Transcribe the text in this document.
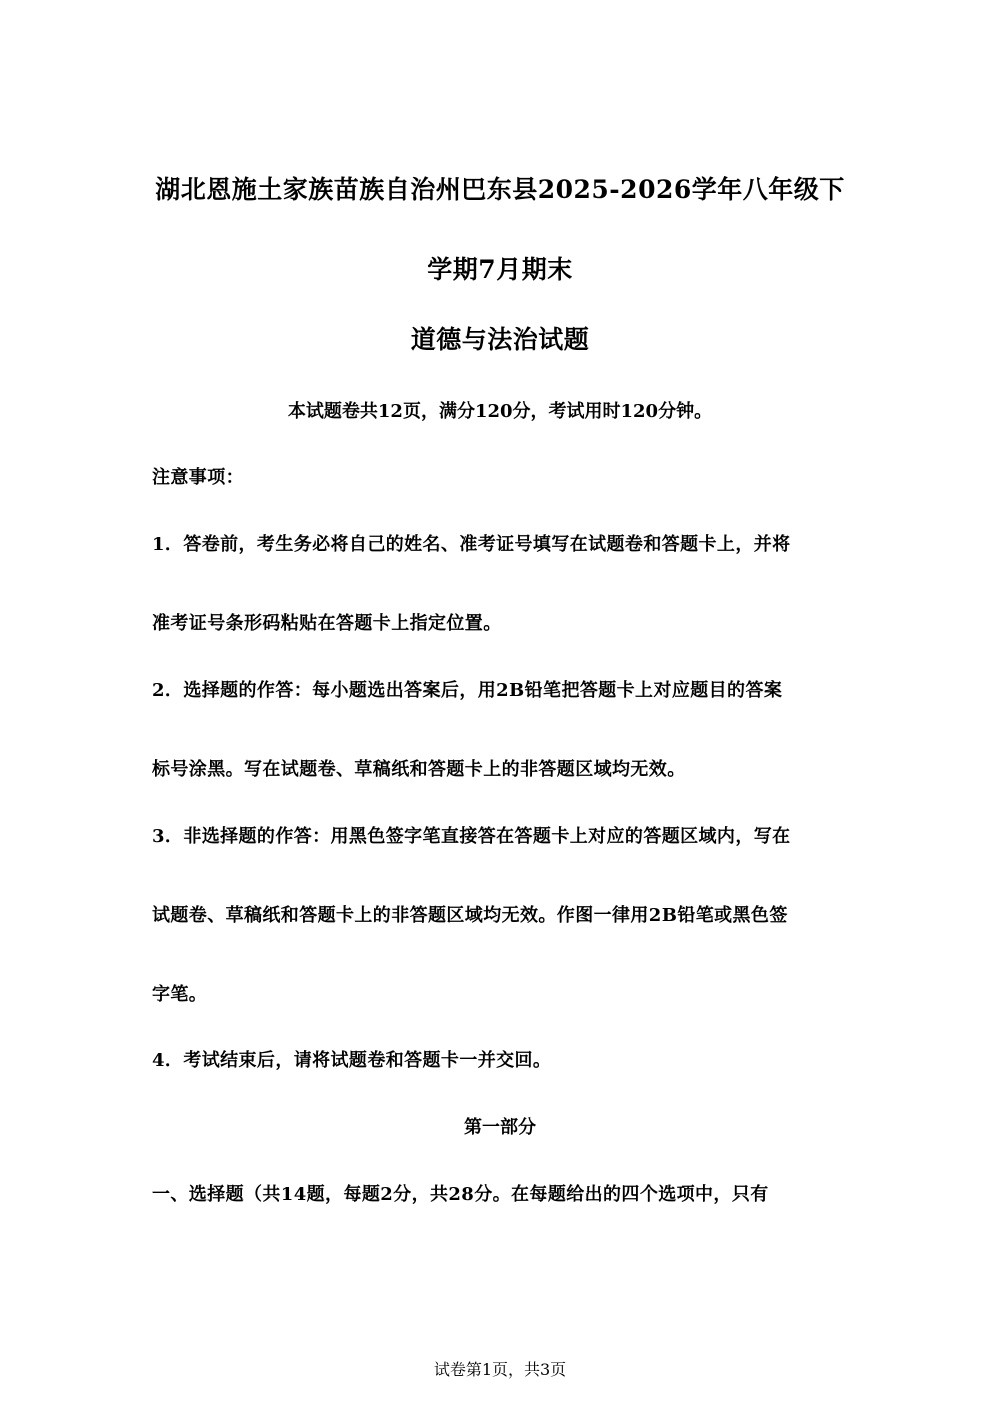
湖北恩施土家族苗族自治州巴东县2025-2026学年八年级下
学期7月期末
道德与法治试题
本试题卷共12页，满分120分，考试用时120分钟。
注意事项：
1．答卷前，考生务必将自己的姓名、准考证号填写在试题卷和答题卡上，并将
准考证号条形码粘贴在答题卡上指定位置。
2．选择题的作答：每小题选出答案后，用2B铅笔把答题卡上对应题目的答案
标号涂黑。写在试题卷、草稿纸和答题卡上的非答题区域均无效。
3．非选择题的作答：用黑色签字笔直接答在答题卡上对应的答题区域内，写在
试题卷、草稿纸和答题卡上的非答题区域均无效。作图一律用2B铅笔或黑色签
字笔。
4．考试结束后，请将试题卷和答题卡一并交回。
第一部分
一、选择题（共14题，每题2分，共28分。在每题给出的四个选项中，只有
试卷第1页，共3页
